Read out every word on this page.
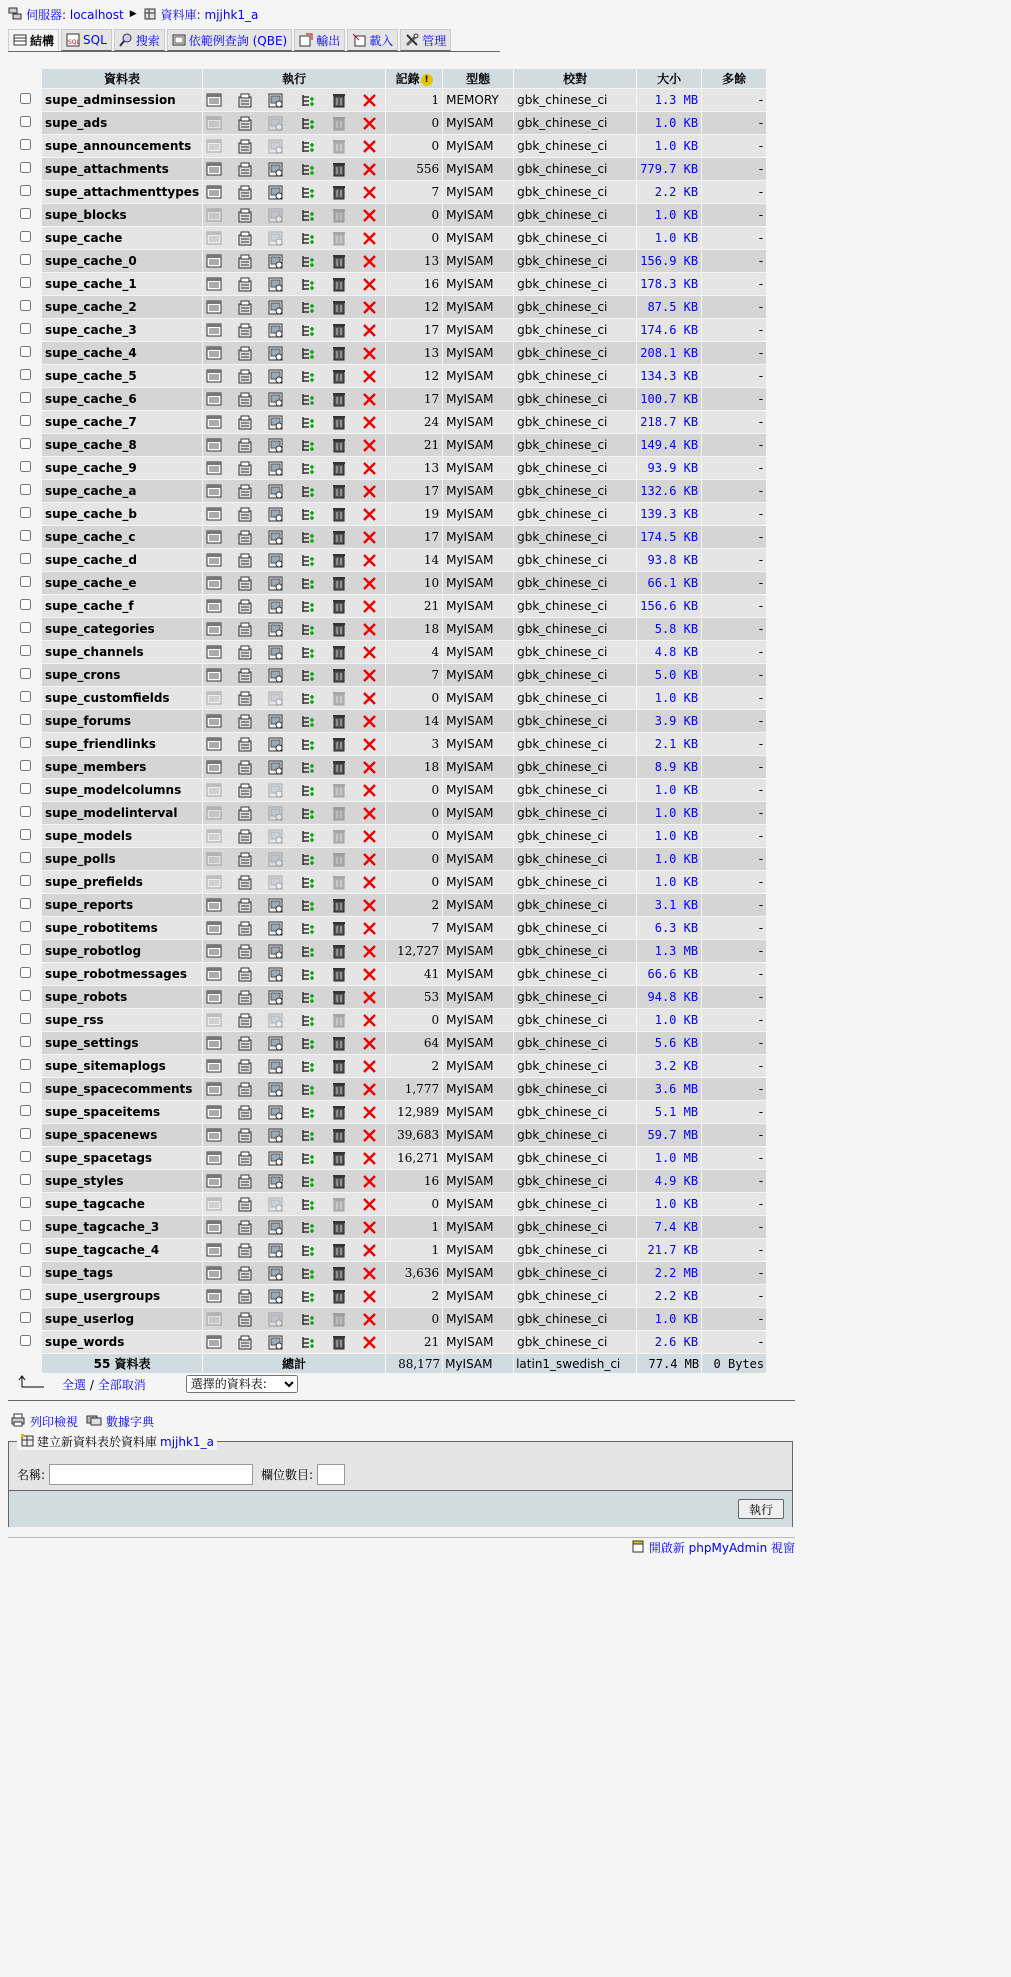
伺服器: localhost ▶ 資料庫: mjjhk1_a
結構 SQL SQL 搜索 依範例查詢 (QBE) 輸出 載入 管理
	資料表	執行	記錄 !	型態	校對	大小	多餘
	supe_adminsession		1	MEMORY	gbk_chinese_ci	1.3 MB	-
	supe_ads		0	MyISAM	gbk_chinese_ci	1.0 KB	-
	supe_announcements		0	MyISAM	gbk_chinese_ci	1.0 KB	-
	supe_attachments		556	MyISAM	gbk_chinese_ci	779.7 KB	-
	supe_attachmenttypes		7	MyISAM	gbk_chinese_ci	2.2 KB	-
	supe_blocks		0	MyISAM	gbk_chinese_ci	1.0 KB	-
	supe_cache		0	MyISAM	gbk_chinese_ci	1.0 KB	-
	supe_cache_0		13	MyISAM	gbk_chinese_ci	156.9 KB	-
	supe_cache_1		16	MyISAM	gbk_chinese_ci	178.3 KB	-
	supe_cache_2		12	MyISAM	gbk_chinese_ci	87.5 KB	-
	supe_cache_3		17	MyISAM	gbk_chinese_ci	174.6 KB	-
	supe_cache_4		13	MyISAM	gbk_chinese_ci	208.1 KB	-
	supe_cache_5		12	MyISAM	gbk_chinese_ci	134.3 KB	-
	supe_cache_6		17	MyISAM	gbk_chinese_ci	100.7 KB	-
	supe_cache_7		24	MyISAM	gbk_chinese_ci	218.7 KB	-
	supe_cache_8		21	MyISAM	gbk_chinese_ci	149.4 KB	-
	supe_cache_9		13	MyISAM	gbk_chinese_ci	93.9 KB	-
	supe_cache_a		17	MyISAM	gbk_chinese_ci	132.6 KB	-
	supe_cache_b		19	MyISAM	gbk_chinese_ci	139.3 KB	-
	supe_cache_c		17	MyISAM	gbk_chinese_ci	174.5 KB	-
	supe_cache_d		14	MyISAM	gbk_chinese_ci	93.8 KB	-
	supe_cache_e		10	MyISAM	gbk_chinese_ci	66.1 KB	-
	supe_cache_f		21	MyISAM	gbk_chinese_ci	156.6 KB	-
	supe_categories		18	MyISAM	gbk_chinese_ci	5.8 KB	-
	supe_channels		4	MyISAM	gbk_chinese_ci	4.8 KB	-
	supe_crons		7	MyISAM	gbk_chinese_ci	5.0 KB	-
	supe_customfields		0	MyISAM	gbk_chinese_ci	1.0 KB	-
	supe_forums		14	MyISAM	gbk_chinese_ci	3.9 KB	-
	supe_friendlinks		3	MyISAM	gbk_chinese_ci	2.1 KB	-
	supe_members		18	MyISAM	gbk_chinese_ci	8.9 KB	-
	supe_modelcolumns		0	MyISAM	gbk_chinese_ci	1.0 KB	-
	supe_modelinterval		0	MyISAM	gbk_chinese_ci	1.0 KB	-
	supe_models		0	MyISAM	gbk_chinese_ci	1.0 KB	-
	supe_polls		0	MyISAM	gbk_chinese_ci	1.0 KB	-
	supe_prefields		0	MyISAM	gbk_chinese_ci	1.0 KB	-
	supe_reports		2	MyISAM	gbk_chinese_ci	3.1 KB	-
	supe_robotitems		7	MyISAM	gbk_chinese_ci	6.3 KB	-
	supe_robotlog		12,727	MyISAM	gbk_chinese_ci	1.3 MB	-
	supe_robotmessages		41	MyISAM	gbk_chinese_ci	66.6 KB	-
	supe_robots		53	MyISAM	gbk_chinese_ci	94.8 KB	-
	supe_rss		0	MyISAM	gbk_chinese_ci	1.0 KB	-
	supe_settings		64	MyISAM	gbk_chinese_ci	5.6 KB	-
	supe_sitemaplogs		2	MyISAM	gbk_chinese_ci	3.2 KB	-
	supe_spacecomments		1,777	MyISAM	gbk_chinese_ci	3.6 MB	-
	supe_spaceitems		12,989	MyISAM	gbk_chinese_ci	5.1 MB	-
	supe_spacenews		39,683	MyISAM	gbk_chinese_ci	59.7 MB	-
	supe_spacetags		16,271	MyISAM	gbk_chinese_ci	1.0 MB	-
	supe_styles		16	MyISAM	gbk_chinese_ci	4.9 KB	-
	supe_tagcache		0	MyISAM	gbk_chinese_ci	1.0 KB	-
	supe_tagcache_3		1	MyISAM	gbk_chinese_ci	7.4 KB	-
	supe_tagcache_4		1	MyISAM	gbk_chinese_ci	21.7 KB	-
	supe_tags		3,636	MyISAM	gbk_chinese_ci	2.2 MB	-
	supe_usergroups		2	MyISAM	gbk_chinese_ci	2.2 KB	-
	supe_userlog		0	MyISAM	gbk_chinese_ci	1.0 KB	-
	supe_words		21	MyISAM	gbk_chinese_ci	2.6 KB	-
	55 資料表	總計	88,177	MyISAM	latin1_swedish_ci	77.4 MB	0 Bytes
全選 / 全部取消
選擇的資料表:
列印檢視 數據字典
建立新資料表於資料庫 mjjhk1_a
名稱:	欄位數目:
執行
開啟新 phpMyAdmin 視窗
